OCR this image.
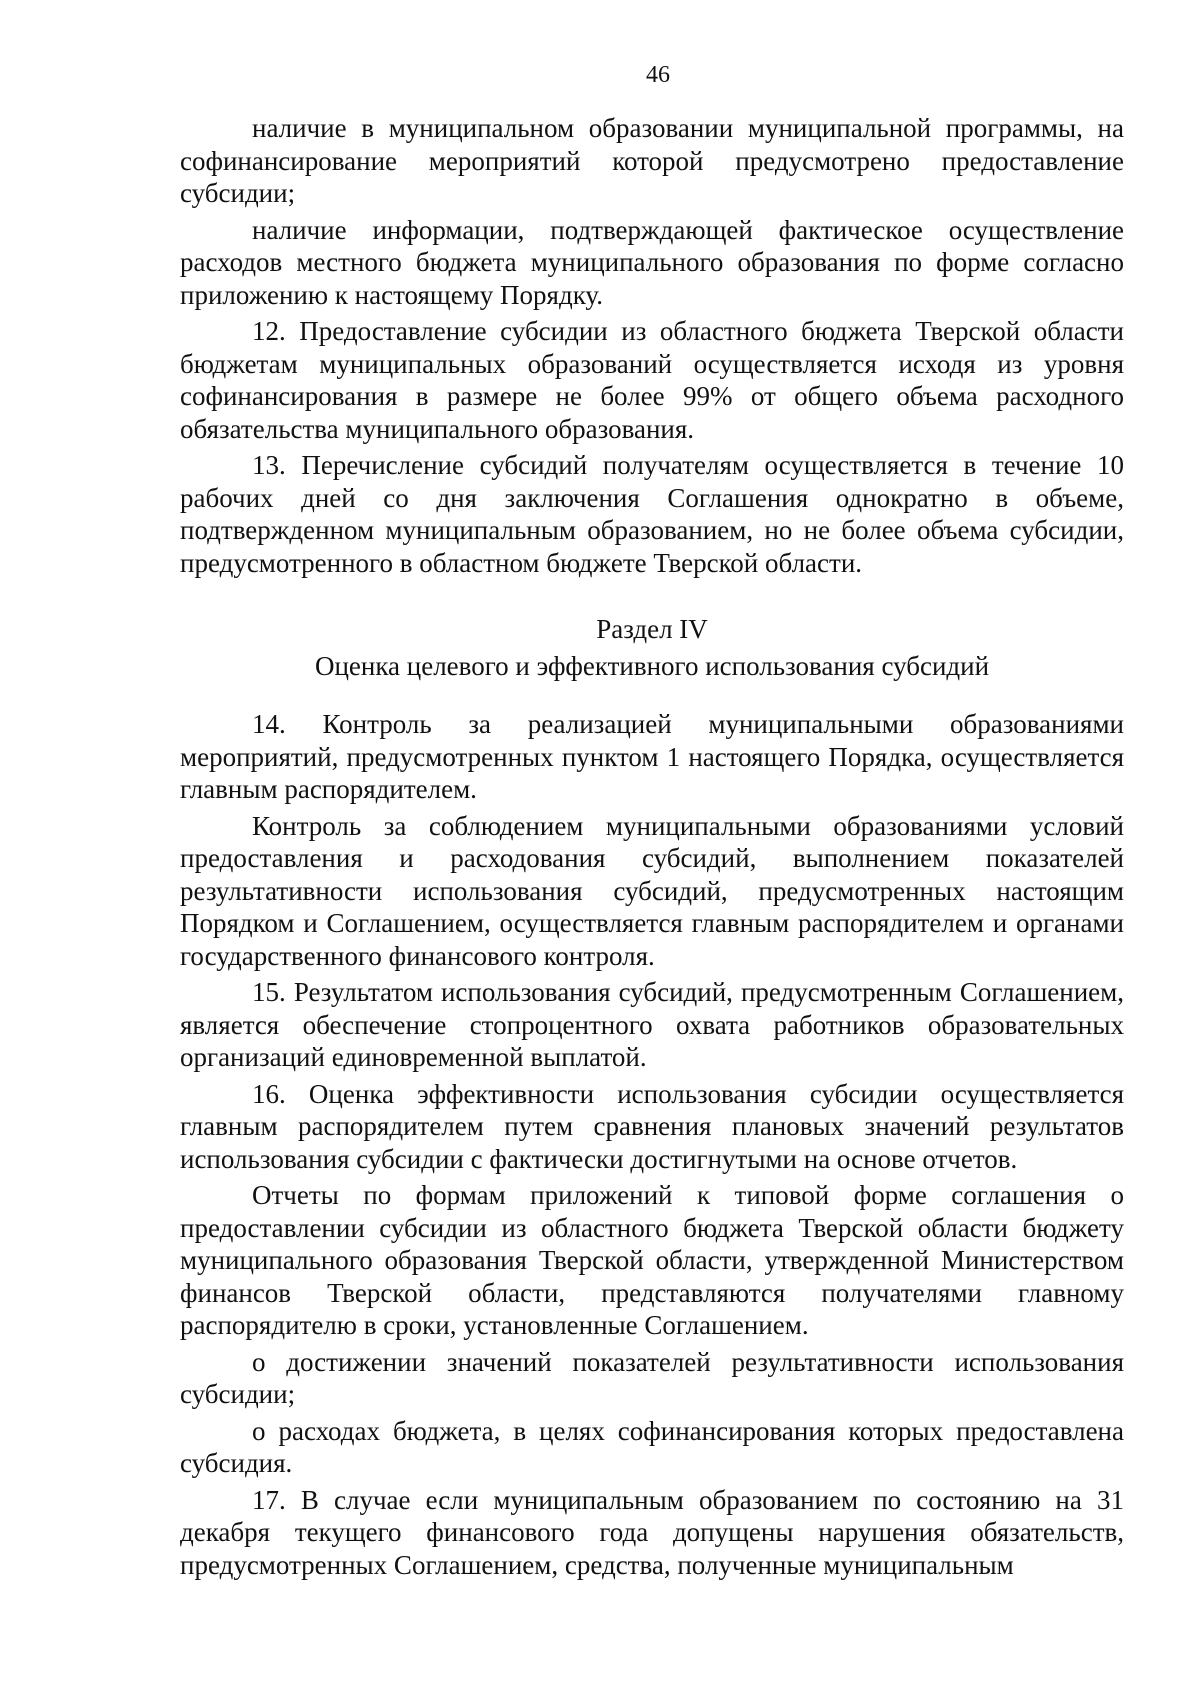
46

наличие в муниципальном образовании муниципальной программы, на софинансирование мероприятий которой предусмотрено предоставление субсидии;

наличие информации, подтверждающей фактическое осуществление расходов местного бюджета муниципального образования по форме согласно приложению к настоящему Порядку.

12. Предоставление субсидии из областного бюджета Тверской области бюджетам муниципальных образований осуществляется исходя из уровня софинансирования в размере не более 99% от общего объема расходного обязательства муниципального образования.

13. Перечисление субсидий получателям осуществляется в течение 10 рабочих дней со дня заключения Соглашения однократно в объеме, подтвержденном муниципальным образованием, но не более объема субсидии, предусмотренного в областном бюджете Тверской области.

Раздел IV

Оценка целевого и эффективного использования субсидий

14. Контроль за реализацией муниципальными образованиями мероприятий, предусмотренных пунктом 1 настоящего Порядка, осуществляется главным распорядителем.

Контроль за соблюдением муниципальными образованиями условий предоставления и расходования субсидий, выполнением показателей результативности использования субсидий, предусмотренных настоящим Порядком и Соглашением, осуществляется главным распорядителем и органами государственного финансового контроля.

15. Результатом использования субсидий, предусмотренным Соглашением, является обеспечение стопроцентного охвата работников образовательных организаций единовременной выплатой.

16. Оценка эффективности использования субсидии осуществляется главным распорядителем путем сравнения плановых значений результатов использования субсидии с фактически достигнутыми на основе отчетов.

Отчеты по формам приложений к типовой форме соглашения о предоставлении субсидии из областного бюджета Тверской области бюджету муниципального образования Тверской области, утвержденной Министерством финансов Тверской области, представляются получателями главному распорядителю в сроки, установленные Соглашением.

о достижении значений показателей результативности использования субсидии;

о расходах бюджета, в целях софинансирования которых предоставлена субсидия.

17. В случае если муниципальным образованием по состоянию на 31 декабря текущего финансового года допущены нарушения обязательств, предусмотренных Соглашением, средства, полученные муниципальным
